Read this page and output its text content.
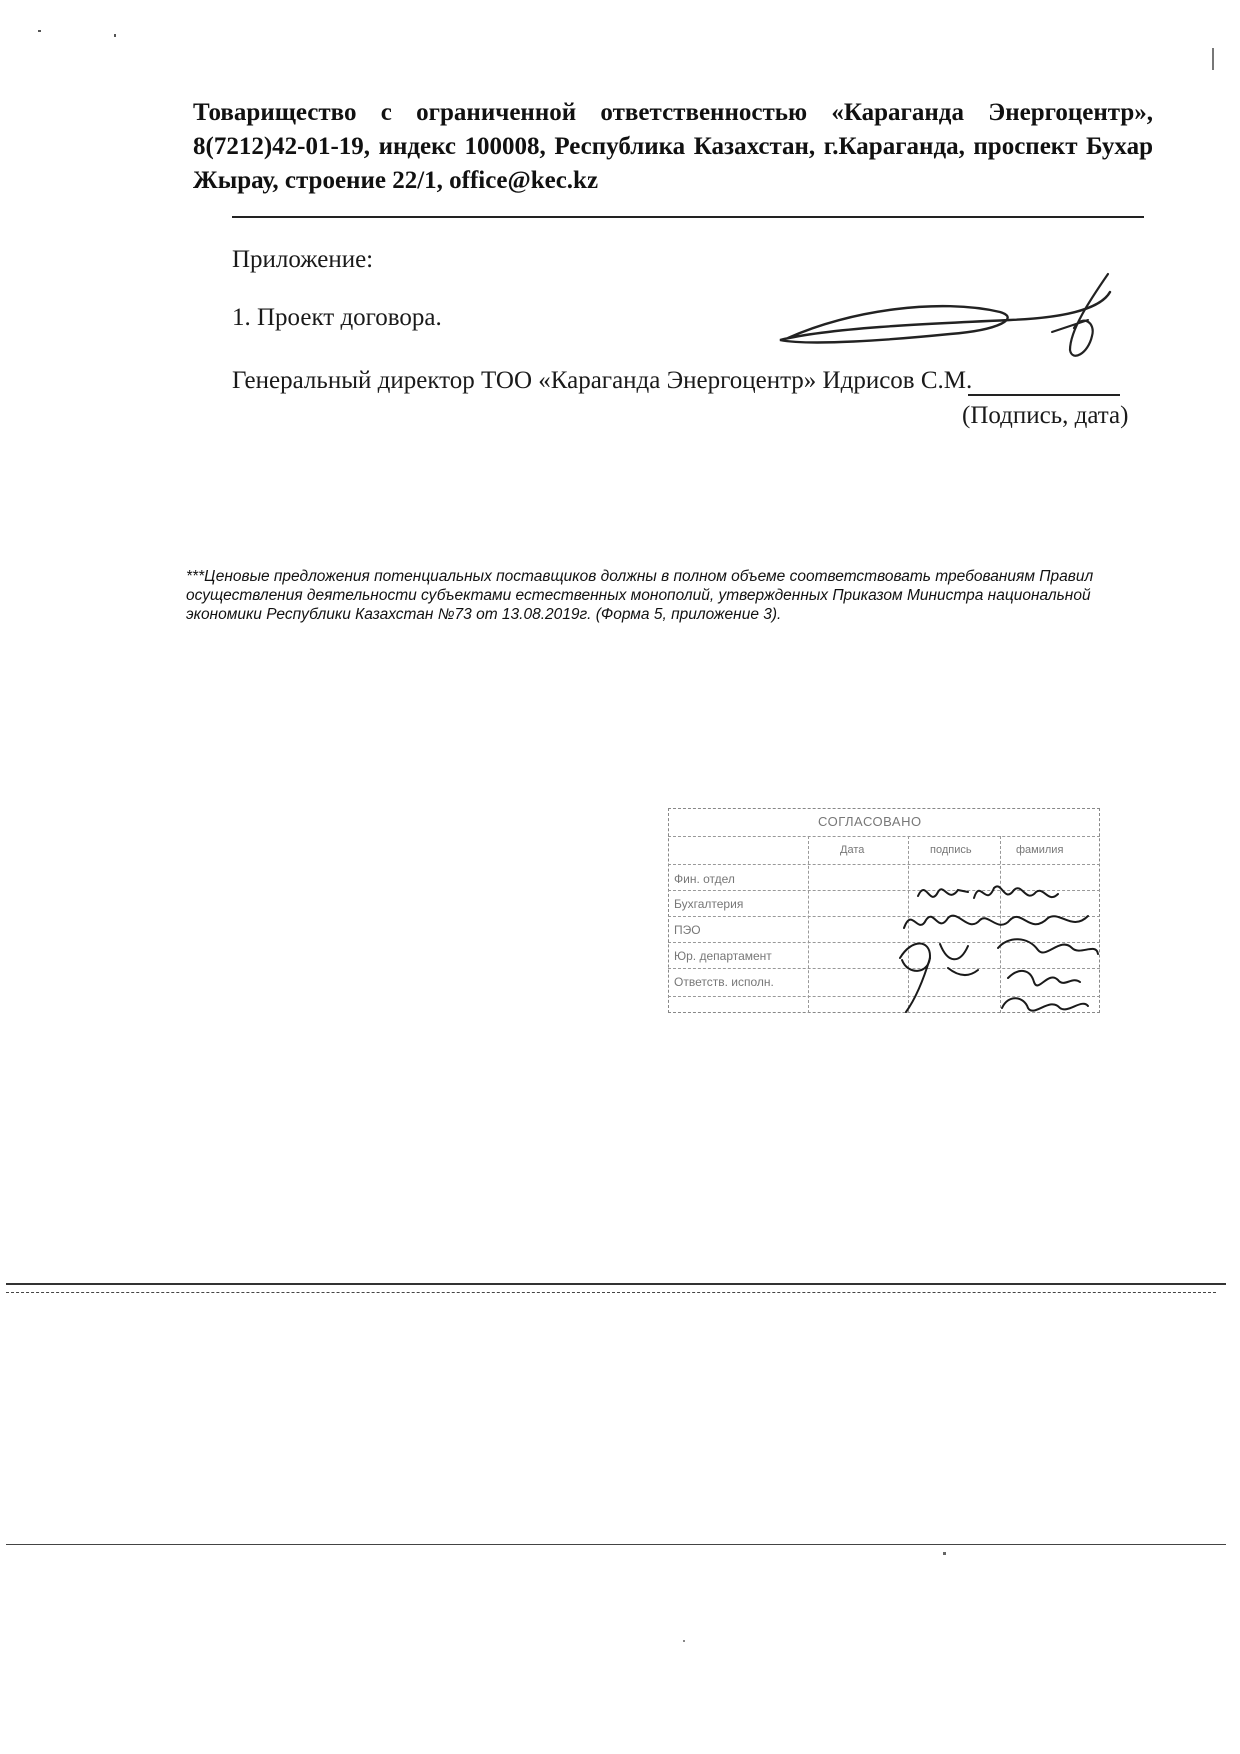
Товарищество с ограниченной ответственностью «Караганда Энергоцентр», 8(7212)42-01-19, индекс 100008, Республика Казахстан, г.Караганда, проспект Бухар Жырау, строение 22/1, office@kec.kz
Приложение:
1. Проект договора.
Генеральный директор ТОО «Караганда Энергоцентр» Идрисов С.М.
(Подпись, дата)
***Ценовые предложения потенциальных поставщиков должны в полном объеме соответствовать требованиям Правил осуществления деятельности субъектами естественных монополий, утвержденных Приказом Министра национальной экономики Республики Казахстан №73 от 13.08.2019г. (Форма 5, приложение 3).
СОГЛАСОВАНО
Дата	подпись	фамилия
Фин. отдел
Бухгалтерия
ПЭО
Юр. департамент
Ответств. исполн.
